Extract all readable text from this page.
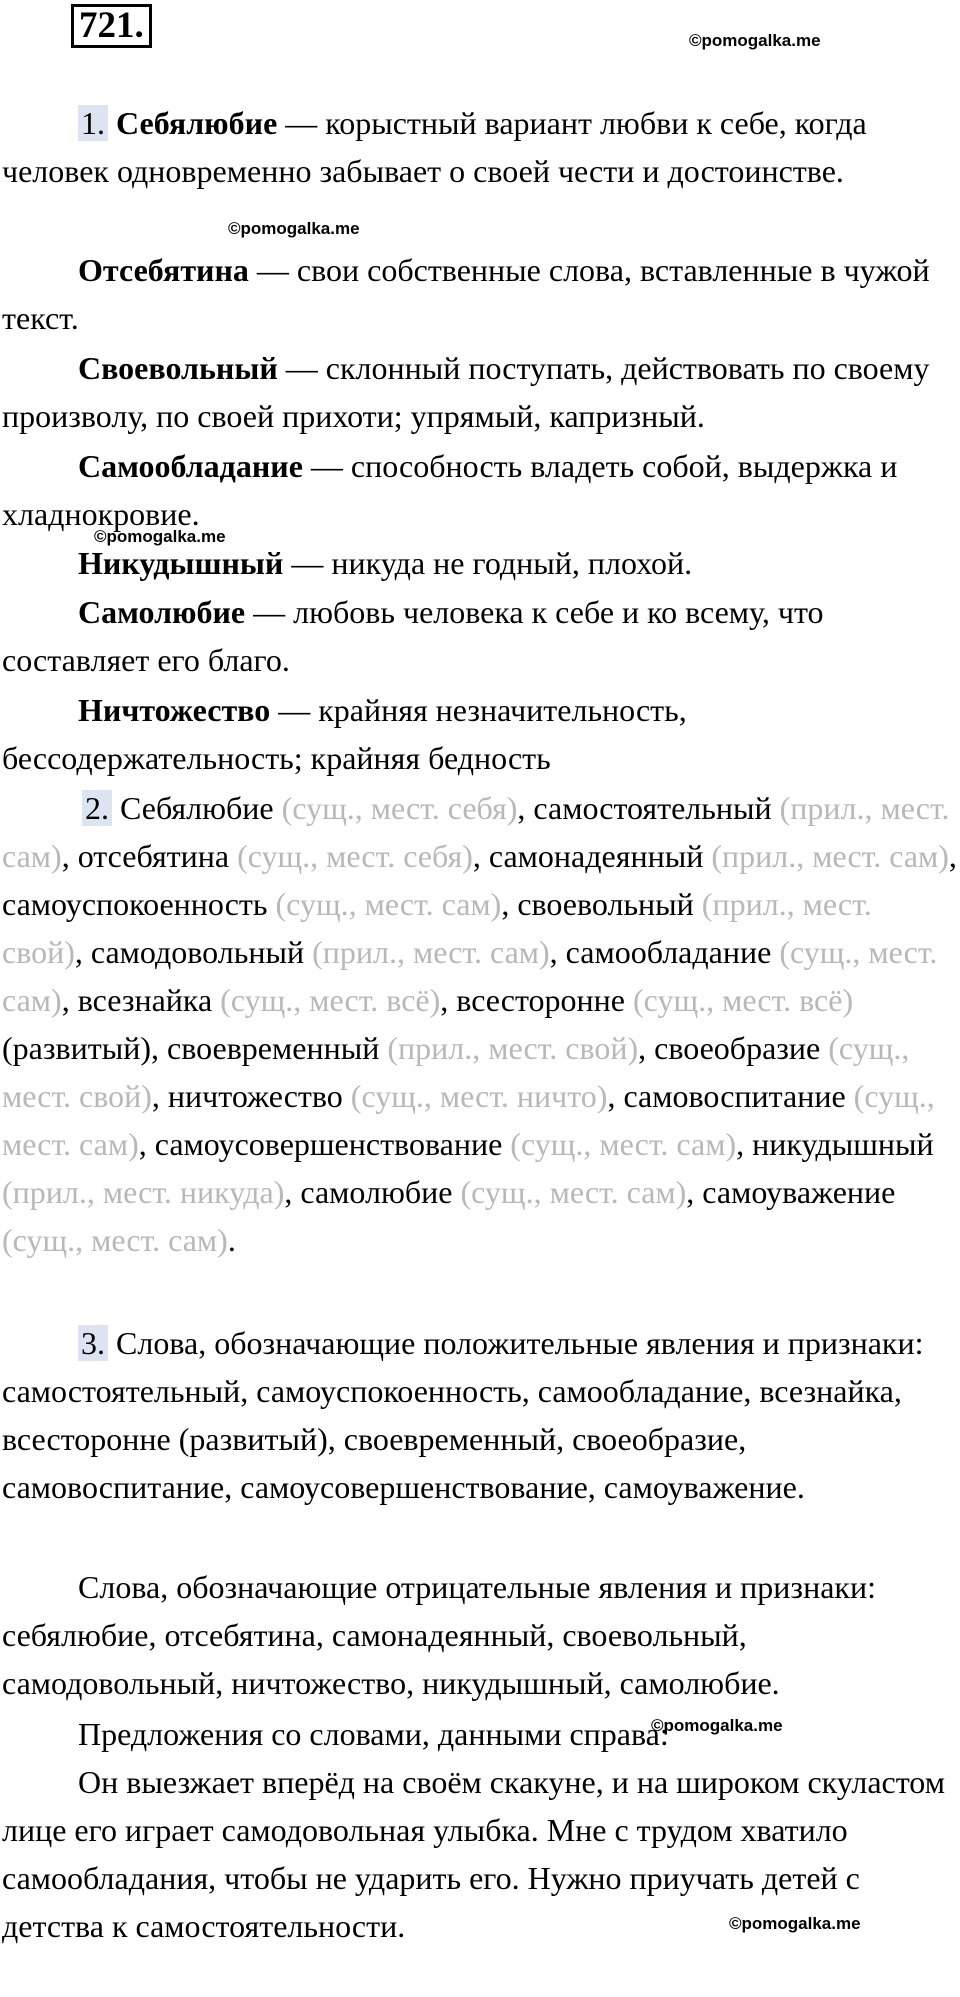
721.	©pomogalka.me
©pomogalka.me
©pomogalka.me
©pomogalka.me
©pomogalka.me

1. Себялюбие — корыстный вариант любви к себе, когда человек одновременно забывает о своей чести и достоинстве.

Отсебятина — свои собственные слова, вставленные в чужой текст.

Своевольный — склонный поступать, действовать по своему произволу, по своей прихоти; упрямый, капризный.

Самообладание — способность владеть собой, выдержка и хладнокровие.

Никудышный — никуда не годный, плохой.

Самолюбие — любовь человека к себе и ко всему, что составляет его благо.

Ничтожество — крайняя незначительность, бессодержательность; крайняя бедность

2. Себялюбие (сущ., мест. себя), самостоятельный (прил., мест. сам), отсебятина (сущ., мест. себя), самонадеянный (прил., мест. сам), самоуспокоенность (сущ., мест. сам), своевольный (прил., мест. свой), самодовольный (прил., мест. сам), самообладание (сущ., мест. сам), всезнайка (сущ., мест. всё), всесторонне (сущ., мест. всё) (развитый), своевременный (прил., мест. свой), своеобразие (сущ., мест. свой), ничтожество (сущ., мест. ничто), самовоспитание (сущ., мест. сам), самоусовершенствование (сущ., мест. сам), никудышный (прил., мест. никуда), самолюбие (сущ., мест. сам), самоуважение (сущ., мест. сам).

3. Слова, обозначающие положительные явления и признаки: самостоятельный, самоуспокоенность, самообладание, всезнайка, всесторонне (развитый), своевременный, своеобразие, самовоспитание, самоусовершенствование, самоуважение.

Слова, обозначающие отрицательные явления и признаки: себялюбие, отсебятина, самонадеянный, своевольный, самодовольный, ничтожество, никудышный, самолюбие.

Предложения со словами, данными справа:

Он выезжает вперёд на своём скакуне, и на широком скуластом лице его играет самодовольная улыбка. Мне с трудом хватило самообладания, чтобы не ударить его. Нужно приучать детей с детства к самостоятельности.
